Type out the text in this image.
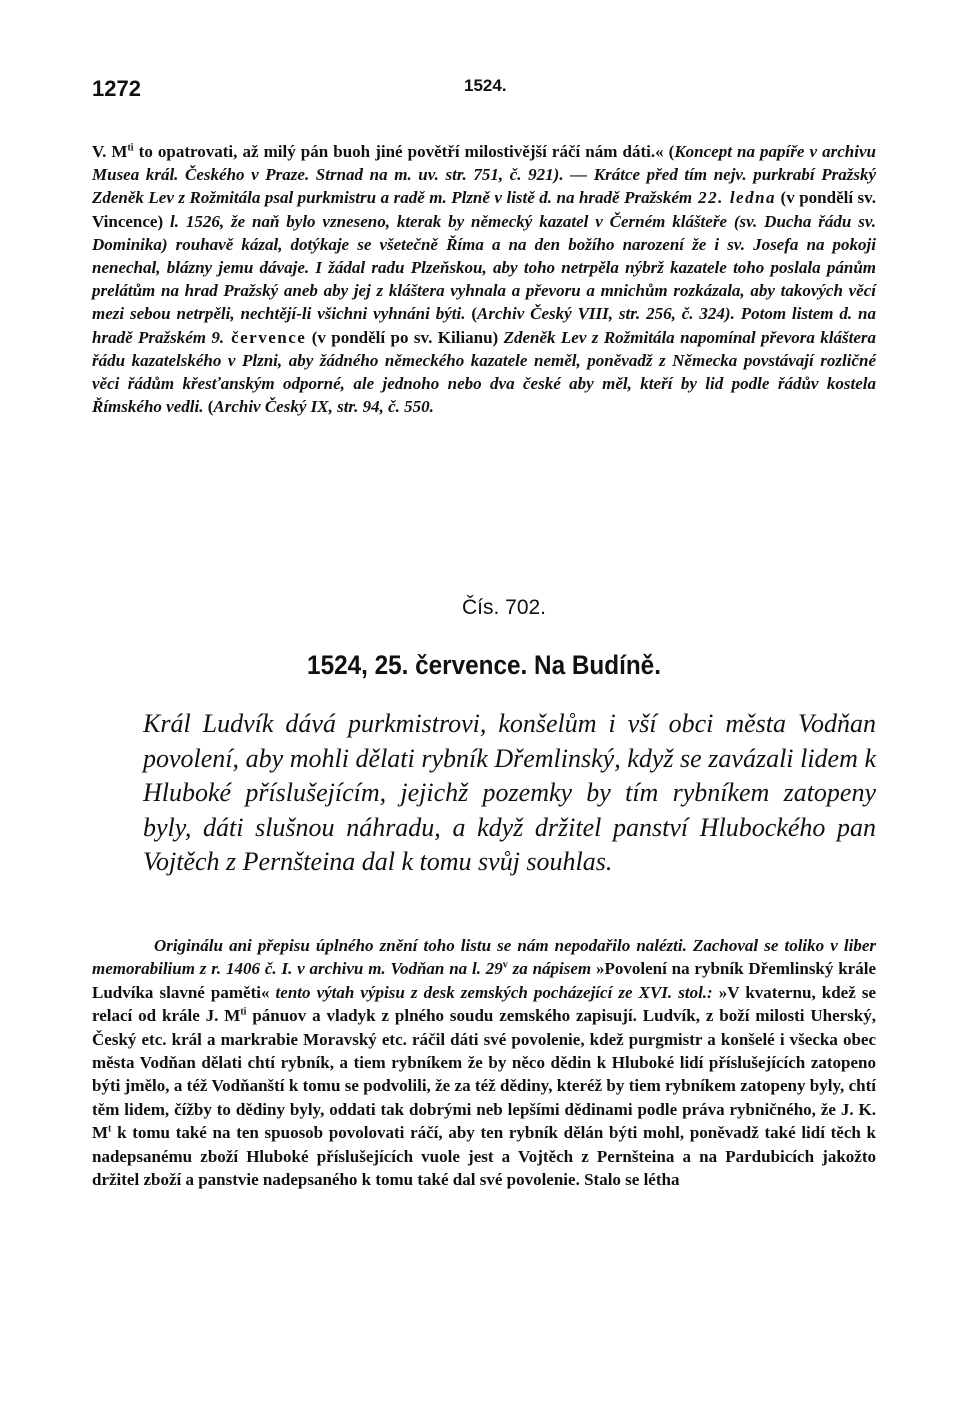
1272	1524.

V. $M^{ti}$ to opatrovati, až milý pán buoh jiné povětří milostivější ráčí nám dáti.« (Koncept na papíře v archivu Musea král. Českého v Praze. Strnad na m. uv. str. 751, č. 921). — Krátce před tím nejv. purkrabí Pražský Zdeněk Lev z Rožmitála psal purkmistru a radě m. Plzně v listě d. na hradě Pražském 22. ledna (v pondělí sv. Vincence) l. 1526, že naň bylo vzneseno, kterak by německý kazatel v Černém klášteře (sv. Ducha řádu sv. Dominika) rouhavě kázal, dotýkaje se všetečně Říma a na den božího narození že i sv. Josefa na pokoji nenechal, blázny jemu dávaje. I žádal radu Plzeňskou, aby toho netrpěla nýbrž kazatele toho poslala pánům prelátům na hrad Pražský aneb aby jej z kláštera vyhnala a převoru a mnichům rozkázala, aby takových věcí mezi sebou netrpěli, nechtějí-li všichni vyhnáni býti. (Archiv Český VIII, str. 256, č. 324). Potom listem d. na hradě Pražském 9. července (v pondělí po sv. Kilianu) Zdeněk Lev z Rožmitála napomínal převora kláštera řádu kazatelského v Plzni, aby žádného německého kazatele neměl, poněvadž z Německa povstávají rozličné věci řádům křesťanským odporné, ale jednoho nebo dva české aby měl, kteří by lid podle řádův kostela Římského vedli. (Archiv Český IX, str. 94, č. 550.

Čís. 702.

1524, 25. července. Na Budíně.

Král Ludvík dává purkmistrovi, konšelům i vší obci města Vodňan povolení, aby mohli dělati rybník Dřemlinský, když se zavázali lidem k Hluboké příslušejícím, jejichž pozemky by tím rybníkem zatopeny byly, dáti slušnou náhradu, a když držitel panství Hlubockého pan Vojtěch z Pernšteina dal k tomu svůj souhlas.

Originálu ani přepisu úplného znění toho listu se nám nepodařilo nalézti. Zachoval se toliko v liber memorabilium z r. 1406 č. I. v archivu m. Vodňan na l. 29$^v$ za nápisem »Povolení na rybník Dřemlinský krále Ludvíka slavné paměti« tento výtah výpisu z desk zemských pocházející ze XVI. stol.: »V kvaternu, kdež se relací od krále J. $M^{ti}$ pánuov a vladyk z plného soudu zemského zapisují. Ludvík, z boží milosti Uherský, Český etc. král a markrabie Moravský etc. ráčil dáti své povolenie, kdež purgmistr a konšelé i všecka obec města Vodňan dělati chtí rybník, a tiem rybníkem že by něco dědin k Hluboké lidí příslušejících zatopeno býti jmělo, a též Vodňanští k tomu se podvolili, že za též dědiny, kteréž by tiem rybníkem zatopeny byly, chtí těm lidem, čížby to dědiny byly, oddati tak dobrými neb lepšími dědinami podle práva rybničného, že J. K. $M^t$ k tomu také na ten spuosob povolovati ráčí, aby ten rybník dělán býti mohl, poněvadž také lidí těch k nadepsanému zboží Hluboké příslušejících vuole jest a Vojtěch z Pernšteina a na Pardubicích jakožto držitel zboží a panstvie nadepsaného k tomu také dal své povolenie. Stalo se létha
